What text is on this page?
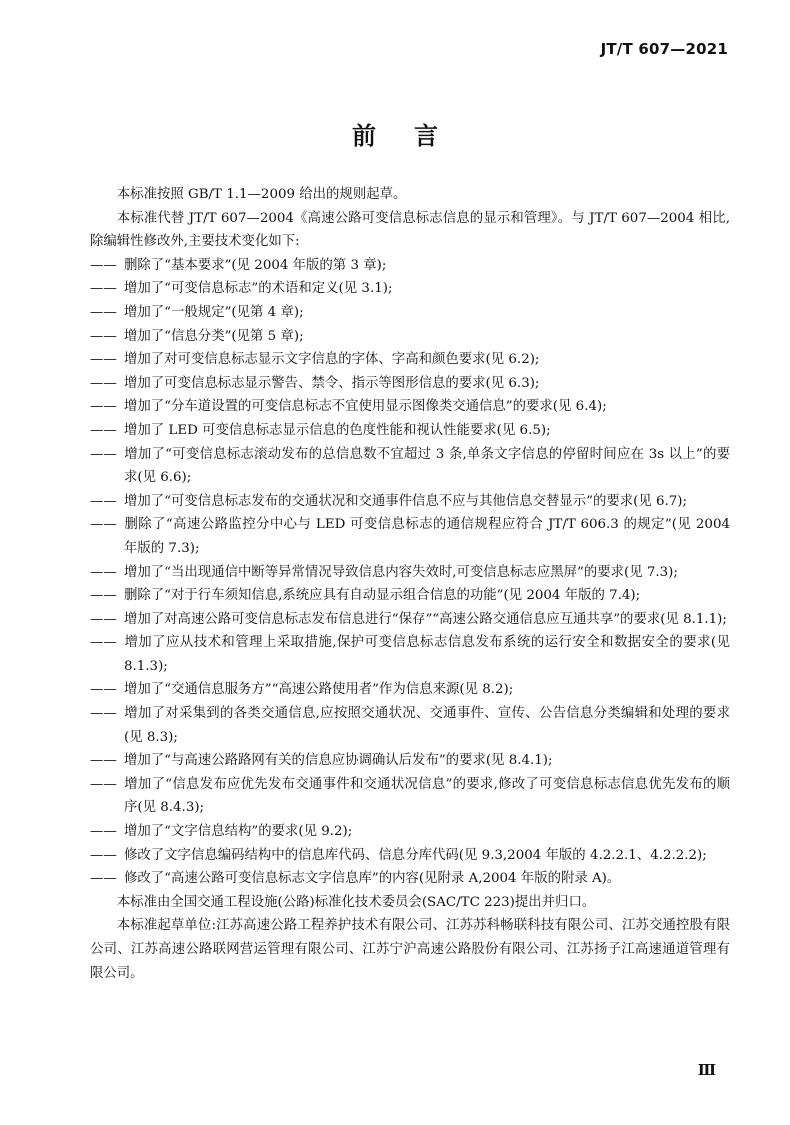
JT/T 607—2021
前言

本标准按照 GB/T 1.1—2009 给出的规则起草。

本标准代替 JT/T 607—2004《高速公路可变信息标志信息的显示和管理》。与 JT/T 607—2004 相比,除编辑性修改外,主要技术变化如下:

—— 删除了“基本要求”(见 2004 年版的第 3 章);

—— 增加了“可变信息标志”的术语和定义(见 3.1);

—— 增加了“一般规定”(见第 4 章);

—— 增加了“信息分类”(见第 5 章);

—— 增加了对可变信息标志显示文字信息的字体、字高和颜色要求(见 6.2);

—— 增加了可变信息标志显示警告、禁令、指示等图形信息的要求(见 6.3);

—— 增加了“分车道设置的可变信息标志不宜使用显示图像类交通信息”的要求(见 6.4);

—— 增加了 LED 可变信息标志显示信息的色度性能和视认性能要求(见 6.5);

—— 增加了“可变信息标志滚动发布的总信息数不宜超过 3 条,单条文字信息的停留时间应在 3s 以上”的要求(见 6.6);

—— 增加了“可变信息标志发布的交通状况和交通事件信息不应与其他信息交替显示”的要求(见 6.7);

—— 删除了“高速公路监控分中心与 LED 可变信息标志的通信规程应符合 JT/T 606.3 的规定”(见 2004 年版的 7.3);

—— 增加了“当出现通信中断等异常情况导致信息内容失效时,可变信息标志应黑屏”的要求(见 7.3);

—— 删除了“对于行车须知信息,系统应具有自动显示组合信息的功能”(见 2004 年版的 7.4);

—— 增加了对高速公路可变信息标志发布信息进行“保存”“高速公路交通信息应互通共享”的要求(见 8.1.1);

—— 增加了应从技术和管理上采取措施,保护可变信息标志信息发布系统的运行安全和数据安全的要求(见 8.1.3);

—— 增加了“交通信息服务方”“高速公路使用者”作为信息来源(见 8.2);

—— 增加了对采集到的各类交通信息,应按照交通状况、交通事件、宣传、公告信息分类编辑和处理的要求(见 8.3);

—— 增加了“与高速公路路网有关的信息应协调确认后发布”的要求(见 8.4.1);

—— 增加了“信息发布应优先发布交通事件和交通状况信息”的要求,修改了可变信息标志信息优先发布的顺序(见 8.4.3);

—— 增加了“文字信息结构”的要求(见 9.2);

—— 修改了文字信息编码结构中的信息库代码、信息分库代码(见 9.3,2004 年版的 4.2.2.1、4.2.2.2);

—— 修改了“高速公路可变信息标志文字信息库”的内容(见附录 A,2004 年版的附录 A)。

本标准由全国交通工程设施(公路)标准化技术委员会(SAC/TC 223)提出并归口。

本标准起草单位:江苏高速公路工程养护技术有限公司、江苏苏科畅联科技有限公司、江苏交通控股有限公司、江苏高速公路联网营运管理有限公司、江苏宁沪高速公路股份有限公司、江苏扬子江高速通道管理有限公司。

Ⅲ
